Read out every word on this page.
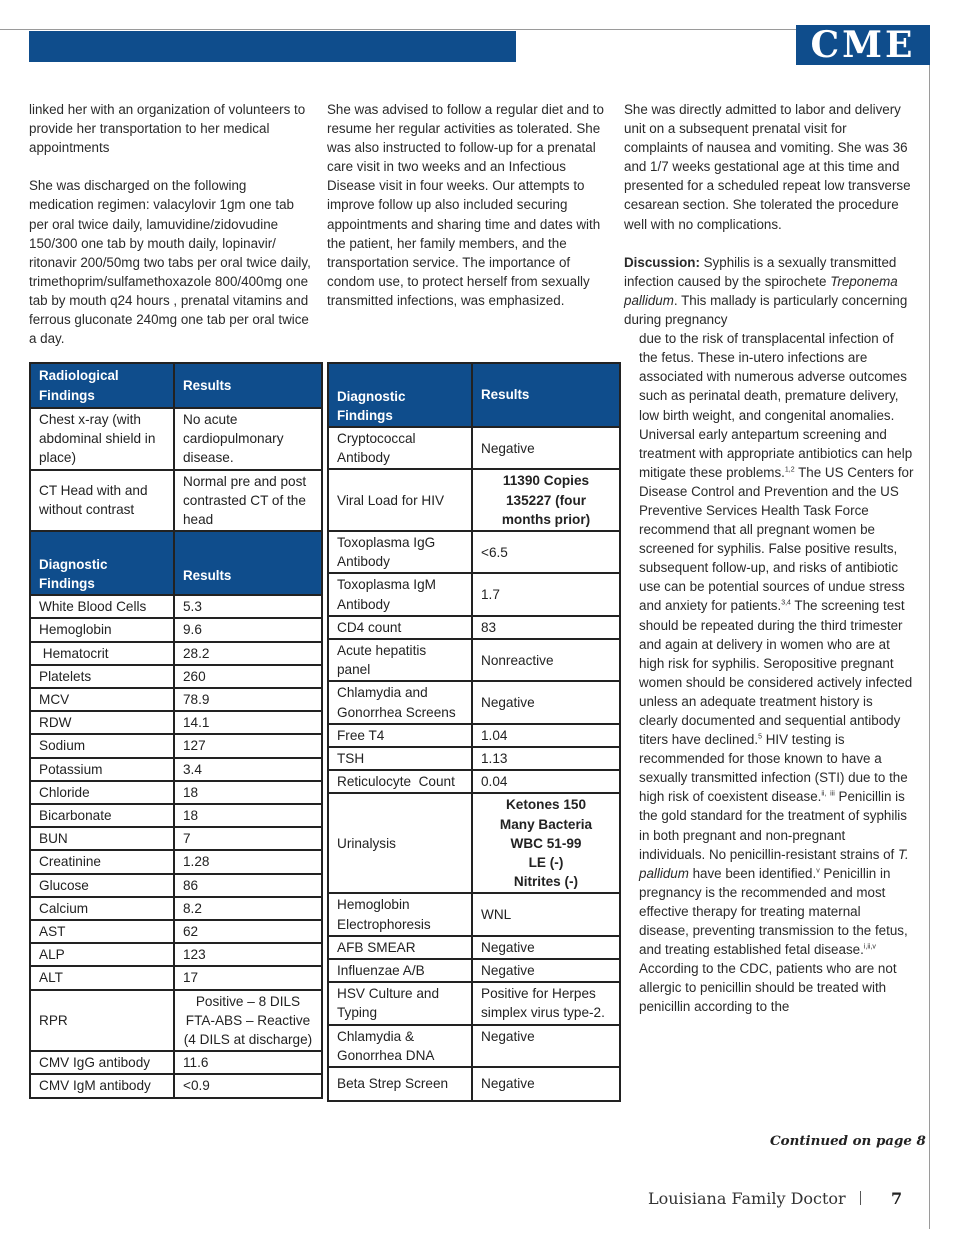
CME

linked her with an organization of volunteers to provide her transportation to her medical appointments

She was discharged on the following medication regimen: valacylovir 1gm one tab per oral twice daily, lamuvidine/zidovudine 150/300 one tab by mouth daily, lopinavir/ ritonavir 200/50mg two tabs per oral twice daily, trimethoprim/sulfamethoxazole 800/400mg one tab by mouth q24 hours , prenatal vitamins and ferrous gluconate 240mg one tab per oral twice a day.

She was advised to follow a regular diet and to resume her regular activities as tolerated. She was also instructed to follow-up for a prenatal care visit in two weeks and an Infectious Disease visit in four weeks. Our attempts to improve follow up also included securing appointments and sharing time and dates with the patient, her family members, and the transportation service. The importance of condom use, to protect herself from sexually transmitted infections, was emphasized.

She was directly admitted to labor and delivery unit on a subsequent prenatal visit for complaints of nausea and vomiting. She was 36 and 1/7 weeks gestational age at this time and presented for a scheduled repeat low transverse cesarean section. She tolerated the procedure well with no complications.

Discussion: Syphilis is a sexually transmitted infection caused by the spirochete Treponema pallidum. This mallady is particularly concerning during pregnancy

due to the risk of transplacental infection of the fetus. These in-utero infections are associated with numerous adverse outcomes such as perinatal death, premature delivery, low birth weight, and congenital anomalies. Universal early antepartum screening and treatment with appropriate antibiotics can help mitigate these problems.$^{1,2}$ The US Centers for Disease Control and Prevention and the US Preventive Services Health Task Force recommend that all pregnant women be screened for syphilis. False positive results, subsequent follow-up, and risks of antibiotic use can be potential sources of undue stress and anxiety for patients.$^{3,4}$ The screening test should be repeated during the third trimester and again at delivery in women who are at high risk for syphilis. Seropositive pregnant women should be considered actively infected unless an adequate treatment history is clearly documented and sequential antibody titers have declined.$^5$ HIV testing is recommended for those known to have a sexually transmitted infection (STI) due to the high risk of coexistent disease.$^{ii,}$ $^{iii}$ Penicillin is the gold standard for the treatment of syphilis in both pregnant and non-pregnant individuals. No penicillin-resistant strains of T. pallidum have been identified.$^v$ Penicillin in pregnancy is the recommended and most effective therapy for treating maternal disease, preventing transmission to the fetus, and treating established fetal disease.$^{i,ii,v}$ According to the CDC, patients who are not allergic to penicillin should be treated with penicillin according to the
Radiological Findings	Results
Chest x-ray (with abdominal shield in place)	No acute cardiopulmonary disease.
CT Head with and without contrast	Normal pre and post contrasted CT of the head
Diagnostic Findings	Results
White Blood Cells	5.3
Hemoglobin	9.6
Hematocrit	28.2
Platelets	260
MCV	78.9
RDW	14.1
Sodium	127
Potassium	3.4
Chloride	18
Bicarbonate	18
BUN	7
Creatinine	1.28
Glucose	86
Calcium	8.2
AST	62
ALP	123
ALT	17
RPR	Positive – 8 DILS
FTA-ABS – Reactive
(4 DILS at discharge)

CMV IgG antibody	11.6
CMV IgM antibody	<0.9
Diagnostic Findings	Results
Cryptococcal Antibody	Negative
Viral Load for HIV	11390 Copies
135227 (four months prior)

Toxoplasma IgG Antibody	<6.5
Toxoplasma IgM Antibody	1.7
CD4 count	83
Acute hepatitis panel	Nonreactive
Chlamydia and Gonorrhea Screens	Negative
Free T4	1.04
TSH	1.13
Reticulocyte  Count	0.04
Urinalysis	Ketones 150
Many Bacteria
WBC 51-99
LE (-)
Nitrites (-)

Hemoglobin Electrophoresis	WNL
AFB SMEAR	Negative
Influenzae A/B	Negative
HSV Culture and Typing	Positive for Herpes simplex virus type-2.
Chlamydia & Gonorrhea DNA	Negative
Beta Strep Screen	Negative
Continued on page 8
Louisiana Family Doctor	7
